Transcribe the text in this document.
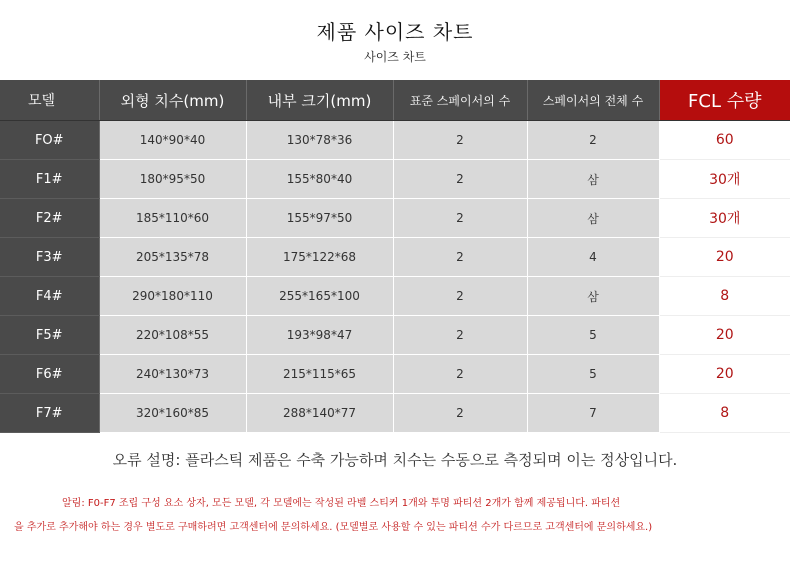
제품 사이즈 차트
사이즈 차트
모델	외형 치수(mm)	내부 크기(mm)	표준 스페이서의 수	스페이서의 전체 수	FCL 수량
FO#	140*90*40	130*78*36	2	2	60
F1#	180*95*50	155*80*40	2	삼	30개
F2#	185*110*60	155*97*50	2	삼	30개
F3#	205*135*78	175*122*68	2	4	20
F4#	290*180*110	255*165*100	2	삼	8
F5#	220*108*55	193*98*47	2	5	20
F6#	240*130*73	215*115*65	2	5	20
F7#	320*160*85	288*140*77	2	7	8
오류 설명: 플라스틱 제품은 수축 가능하며 치수는 수동으로 측정되며 이는 정상입니다.
알림: F0-F7 조립 구성 요소 상자, 모든 모델, 각 모델에는 작성된 라벨 스티커 1개와 투명 파티션 2개가 함께 제공됩니다. 파티션
을 추가로 추가해야 하는 경우 별도로 구매하려면 고객센터에 문의하세요. (모델별로 사용할 수 있는 파티션 수가 다르므로 고객센터에 문의하세요.)
